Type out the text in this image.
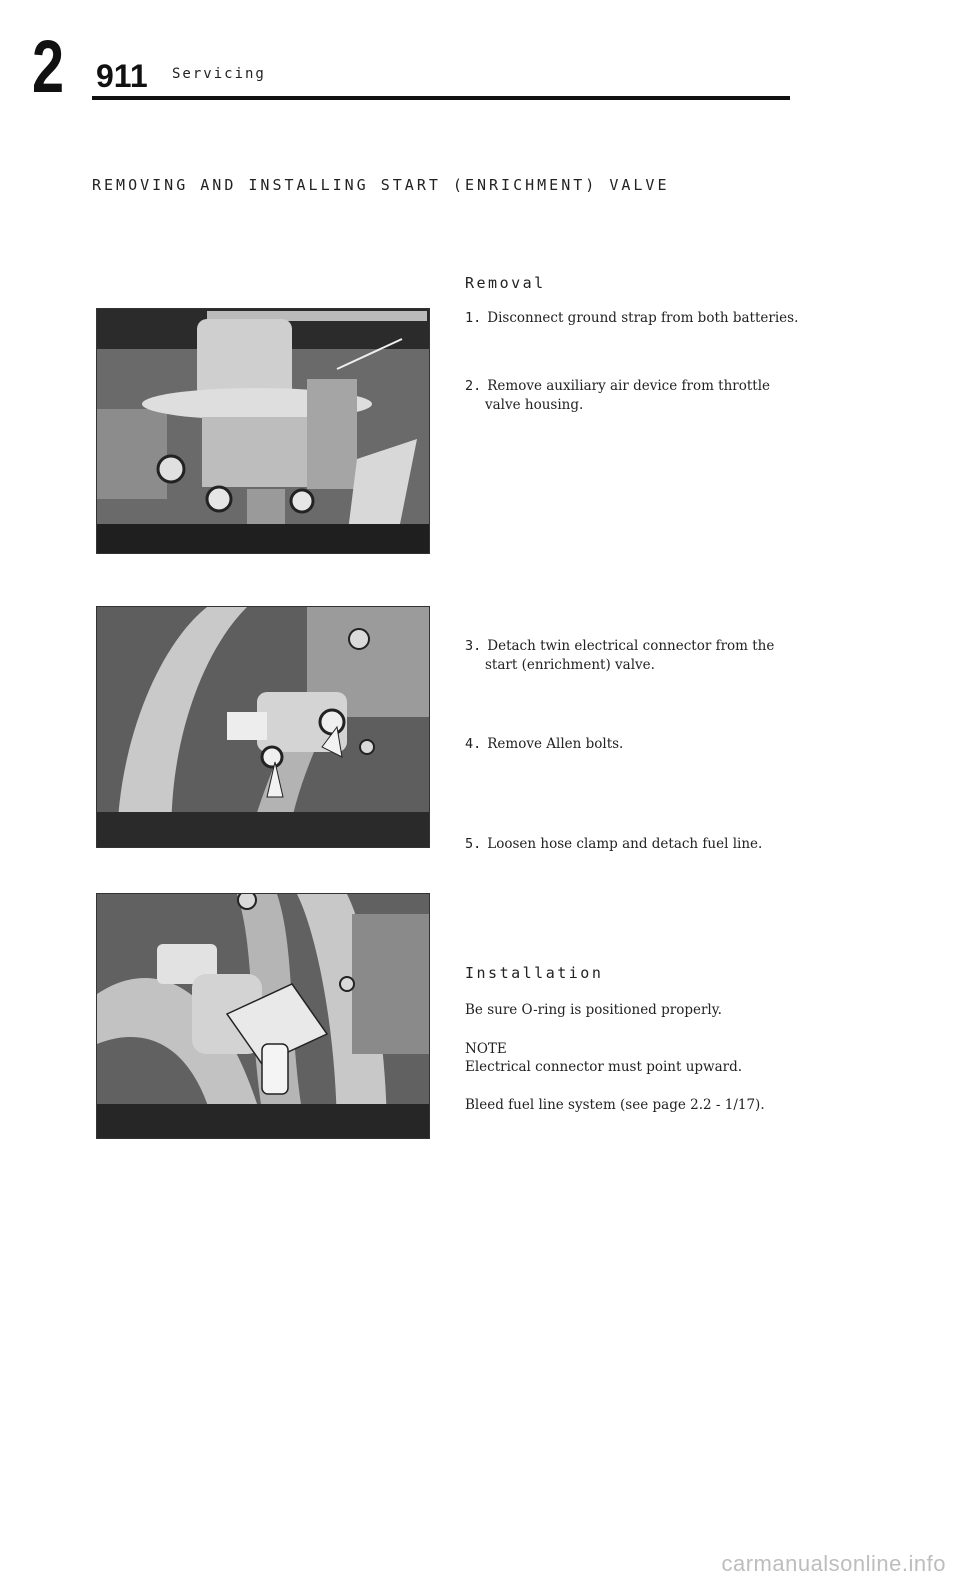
2 911 Servicing
REMOVING AND INSTALLING START (ENRICHMENT) VALVE
Removal
1. Disconnect ground strap from both batteries.
2. Remove auxiliary air device from throttle
valve housing.
3. Detach twin electrical connector from the
start (enrichment) valve.
4. Remove Allen bolts.
5. Loosen hose clamp and detach fuel line.
Installation
Be sure O-ring is positioned properly.
NOTE
Electrical connector must point upward.
Bleed fuel line system (see page 2.2 - 1/17).
carmanualsonline.info
